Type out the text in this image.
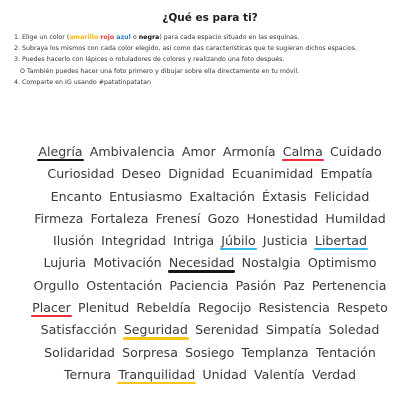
¿Qué es para ti?
1. Elige un color (amarillo rojo azul o negra) para cada espacio situado en las esquinas.
2. Subraya los mismos con cada color elegido, así como das características que te sugieran dichos espacios.
3. Puedes hacerlo con lápices o rotuladores de colores y realizando una foto después.
O También puedes hacer una foto primero y dibujar sobre ella directamente en tu móvil.
4. Comparte en IG usando #patatinpatatan
Alegría Ambivalencia Amor Armonía Calma Cuidado
Curiosidad Deseo Dignidad Ecuanimidad Empatía
Encanto Entusiasmo Exaltación Éxtasis Felicidad
Firmeza Fortaleza Frenesí Gozo Honestidad Humildad
Ilusión Integridad Intriga Júbilo Justicia Libertad
Lujuria Motivación Necesidad Nostalgia Optimismo
Orgullo Ostentación Paciencia Pasión Paz Pertenencia
Placer Plenitud Rebeldía Regocijo Resistencia Respeto
Satisfacción Seguridad Serenidad Simpatía Soledad
Solidaridad Sorpresa Sosiego Templanza Tentación
Ternura Tranquilidad Unidad Valentía Verdad
